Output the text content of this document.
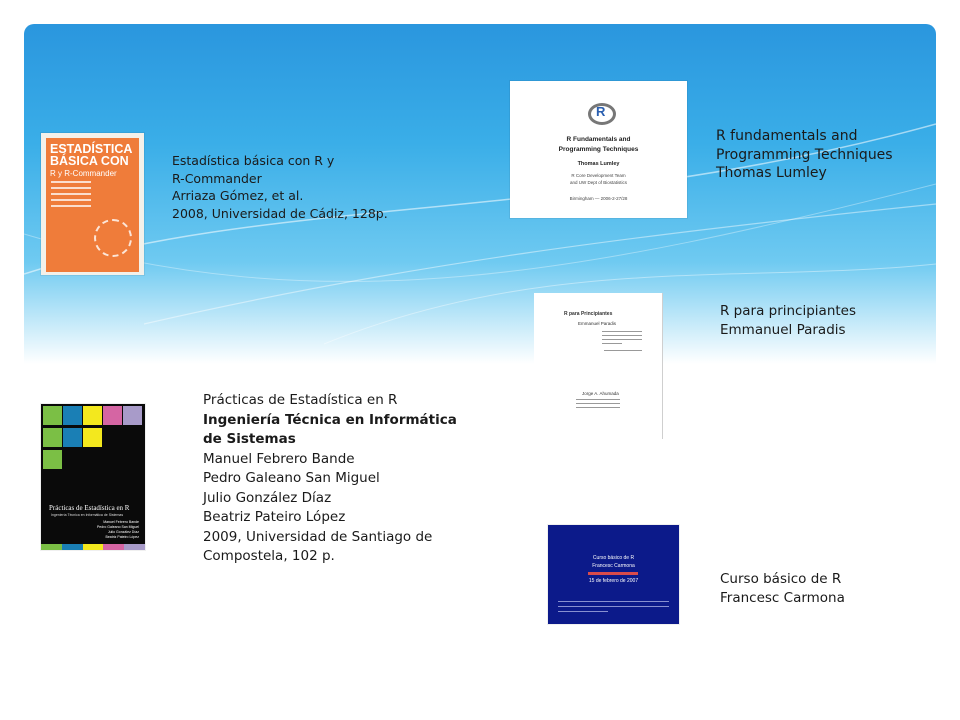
ESTADÍSTICA BÁSICA CON
R y R-Commander
Estadística básica con R y
R-Commander
Arriaza Gómez, et al.
2008, Universidad de Cádiz, 128p.
R
R Fundamentals and
Programming Techniques
Thomas Lumley
R Core Development Team
and UW Dept of Biostatistics
Birmingham — 2006-2-27/28
R fundamentals and
Programming Techniques
Thomas Lumley
R para Principiantes
Emmanuel Paradis
Jorge A. Ahumada
R para principiantes
Emmanuel Paradis
Prácticas de Estadística en R
Ingeniería Técnica en Informática de Sistemas
Manuel Febrero Bande
Pedro Galeano San Miguel
Julio González Díaz
Beatriz Pateiro López
Prácticas de Estadística en R
Ingeniería Técnica en Informática
de Sistemas
Manuel Febrero Bande
Pedro Galeano San Miguel
Julio González Díaz
Beatriz Pateiro López
2009, Universidad de Santiago de
Compostela, 102 p.	Curso básico de R
Francesc Carmona
15 de febrero de 2007	Curso básico de R
Francesc Carmona
